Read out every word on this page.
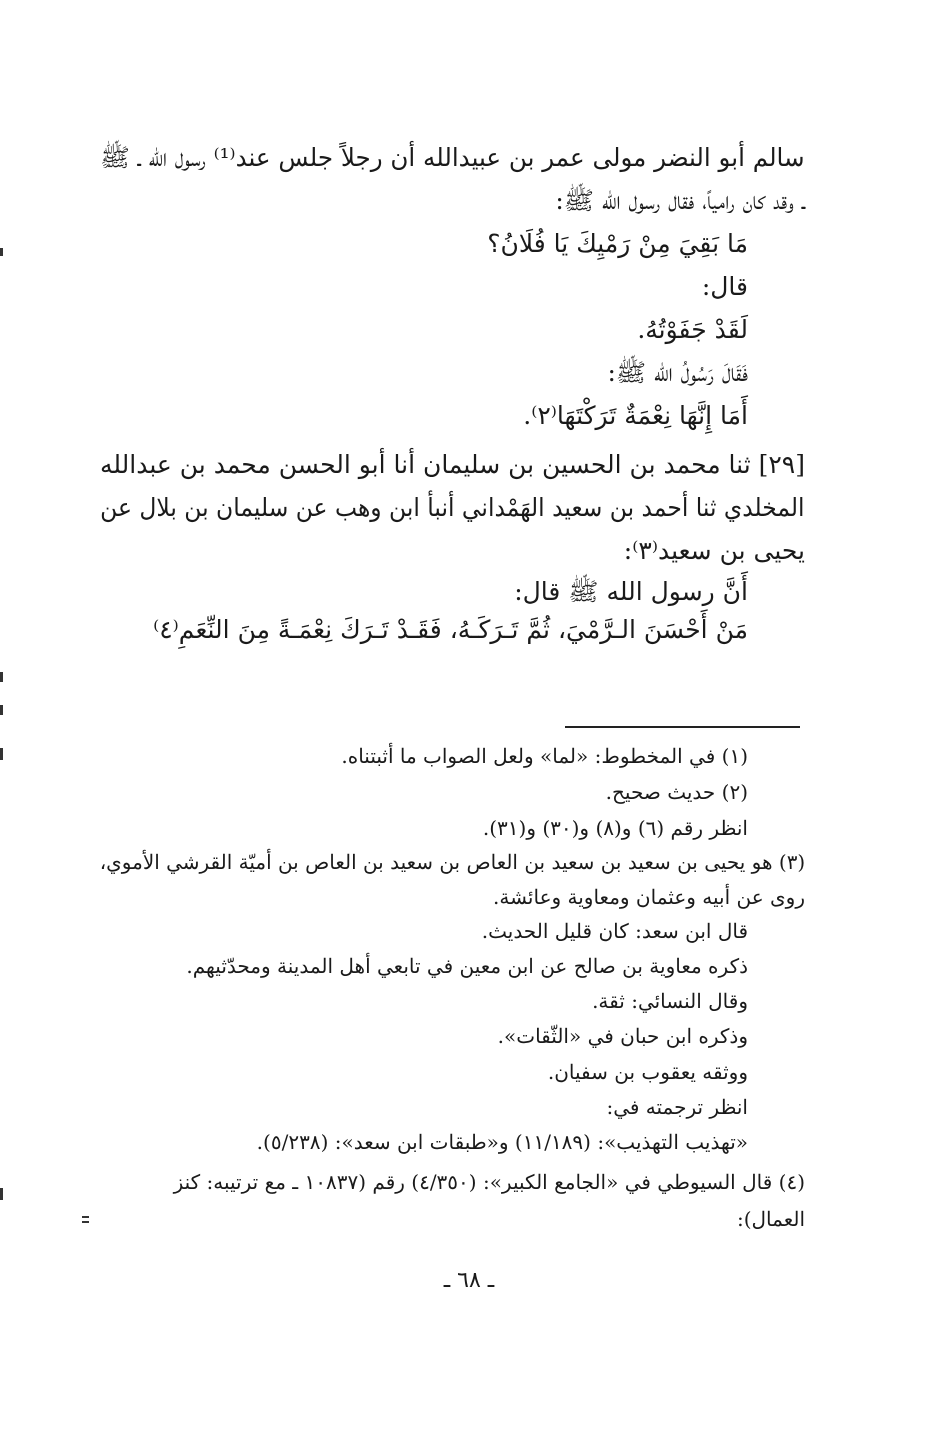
سالم أبو النضر مولى عمر بن عبيدالله أن رجلاً جلس عند⁽¹⁾ رسول الله ـ ﷺ
ـ وقد كان رامياً، فقال رسول الله ﷺ:
مَا بَقِيَ مِنْ رَمْيِكَ يَا فُلَانُ؟
قال:
لَقَدْ جَفَوْتُهُ.
فَقَالَ رَسُولُ الله ﷺ:
أَمَا إِنَّهَا نِعْمَةٌ تَرَكْتَهَا⁽٢⁾.
[٢٩] ثنا محمد بن الحسين بن سليمان أنا أبو الحسن محمد بن عبدالله
المخلدي ثنا أحمد بن سعيد الهَمْداني أنبأ ابن وهب عن سليمان بن بلال عن
يحيى بن سعيد⁽٣⁾:
أَنَّ رسول الله ﷺ قال:
مَنْ أَحْسَنَ الـرَّمْيَ، ثُمَّ تَـرَكَـهُ، فَقَـدْ تَـرَكَ نِعْمَـةً مِنَ النِّعَمِ⁽٤⁾
(١) في المخطوط: «لما» ولعل الصواب ما أثبتناه.
(٢) حديث صحيح.
انظر رقم (٦) و(٨) و(٣٠) و(٣١).
(٣) هو يحيى بن سعيد بن سعيد بن العاص بن سعيد بن العاص بن أميّة القرشي الأموي،
روى عن أبيه وعثمان ومعاوية وعائشة.
قال ابن سعد: كان قليل الحديث.
ذكره معاوية بن صالح عن ابن معين في تابعي أهل المدينة ومحدّثيهم.
وقال النسائي: ثقة.
وذكره ابن حبان في «الثّقات».
ووثقه يعقوب بن سفيان.
انظر ترجمته في:
«تهذيب التهذيب»: (١١/١٨٩) و«طبقات ابن سعد»: (٥/٢٣٨).
(٤) قال السيوطي في «الجامع الكبير»: (٤/٣٥٠) رقم (١٠٨٣٧ ـ مع ترتيبه: كنز
العمال):
ـ ٦٨ ـ
